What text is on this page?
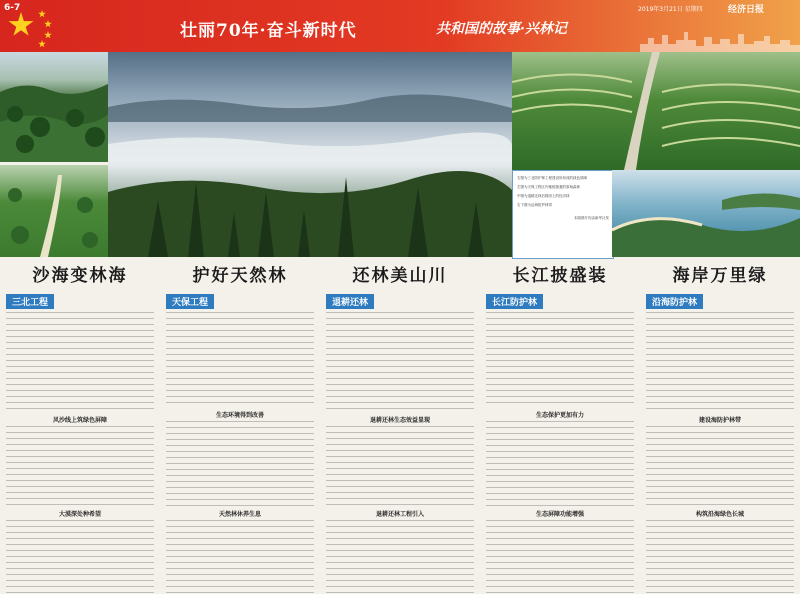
6-7
壮丽70年·奋斗新时代	共和国的故事·兴林记
2019年3月21日 星期四	经济日报
右图为三北防护林工程建设所形成的绿色屏障
左图为天保工程区内郁郁葱葱的原始森林
中图为退耕还林后梯田上的经济林
右下图为沿海防护林带
本版图片均由新华社发
沙海变林海	护好天然林	还林美山川	长江披盛装	海岸万里绿
三北工程
风沙线上筑绿色屏障
大漠深处种希望
天保工程
生态环境得到改善
天然林休养生息
退耕还林
退耕还林生态效益显现
退耕还林工程引入
长江防护林
生态保护更加有力
生态屏障功能增强
沿海防护林
建设海防护林带
构筑沿海绿色长城
